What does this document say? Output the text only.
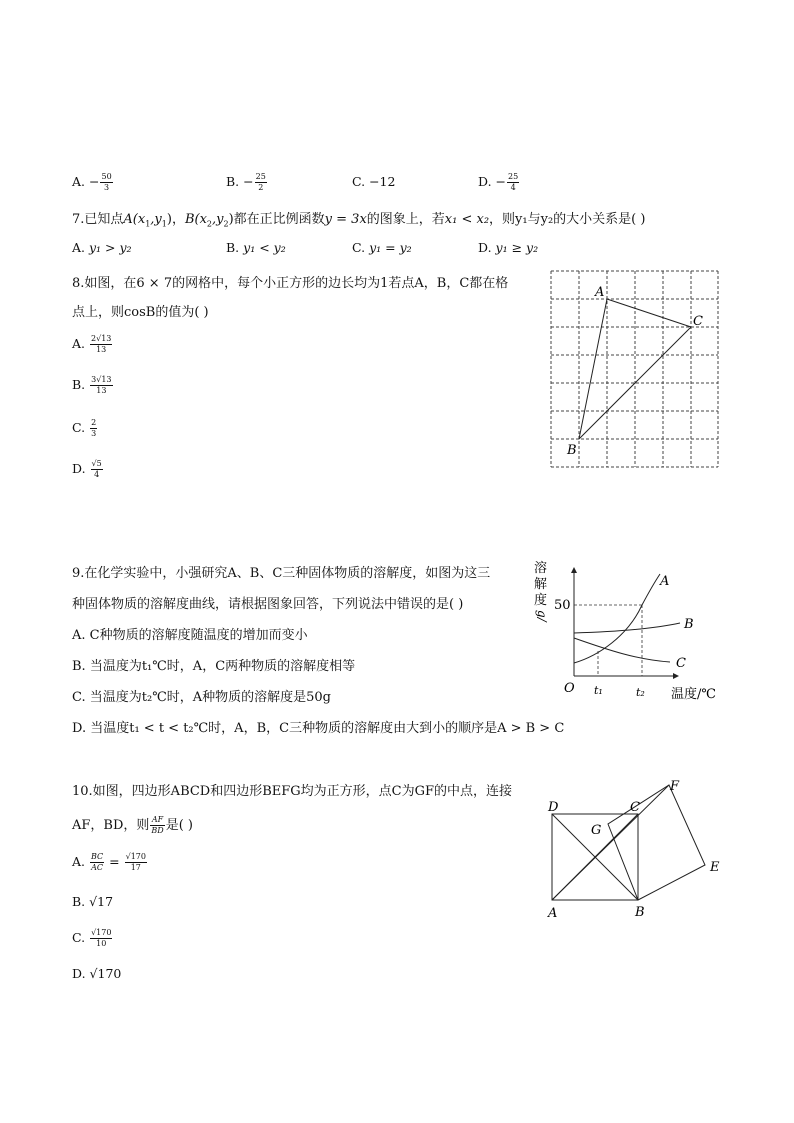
A. − $\frac{50}{3}$	B. − $\frac{25}{2}$	C. −12	D. − $\frac{25}{4}$
7.已知点$A(x_1,y_1)$，$B(x_2,y_2)$都在正比例函数y = 3x的图象上，若x₁ < x₂，则y₁与y₂的大小关系是( )
A. y₁ > y₂	B. y₁ < y₂	C. y₁ = y₂	D. y₁ ≥ y₂
8.如图，在6 × 7的网格中，每个小正方形的边长均为1若点A，B，C都在格
点上，则cosB的值为( )
A. $\frac{2√13}{13}$
B. $\frac{3√13}{13}$
C. $\frac{2}{3}$
D. $\frac{√5}{4}$
A
B
C
9.在化学实验中，小强研究A、B、C三种固体物质的溶解度，如图为这三
种固体物质的溶解度曲线，请根据图象回答，下列说法中错误的是( )
A. C种物质的溶解度随温度的增加而变小
B. 当温度为t₁℃时，A，C两种物质的溶解度相等
C. 当温度为t₂℃时，A种物质的溶解度是50g
D. 当温度t₁ < t < t₂℃时，A，B，C三种物质的溶解度由大到小的顺序是A > B > C
溶
解
度
g/
50
O t₁	t₂ 温度/℃
A
B
C
10.如图，四边形ABCD和四边形BEFG均为正方形，点C为GF的中点，连接
AF，BD，则 $\frac{AF}{BD}$ 是( )
A. $\frac{BC}{AC} = \frac{√170}{17}$
B. √17
C. $\frac{√170}{10}$
D. √170
D	C
F
G
E
A	B
